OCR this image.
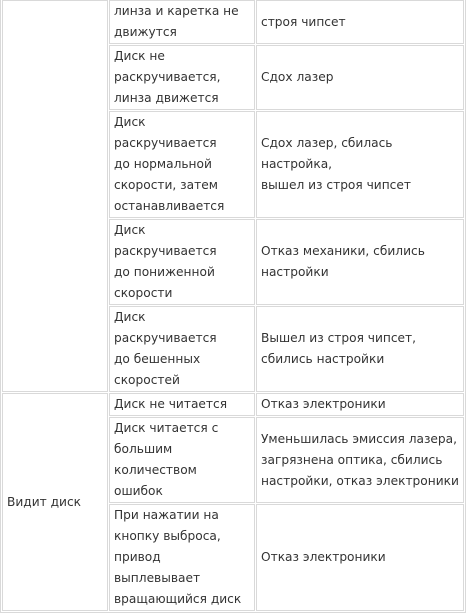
	линза и каретка не
движутся	строя чипсет
	Диск не
раскручивается,
линза движется	Сдох лазер
	Диск раскручивается
до нормальной
скорости, затем
останавливается	Сдох лазер, сбилась настройка,
вышел из строя чипсет
	Диск раскручивается
до пониженной
скорости	Отказ механики, сбились
настройки
	Диск раскручивается
до бешенных
скоростей	Вышел из строя чипсет,
сбились настройки
Видит диск	Диск не читается	Отказ электроники
	Диск читается с
большим количеством
ошибок	Уменьшилась эмиссия лазера,
загрязнена оптика, сбились
настройки, отказ электроники
	При нажатии на
кнопку выброса,
привод выплевывает
вращающийся диск	Отказ электроники
